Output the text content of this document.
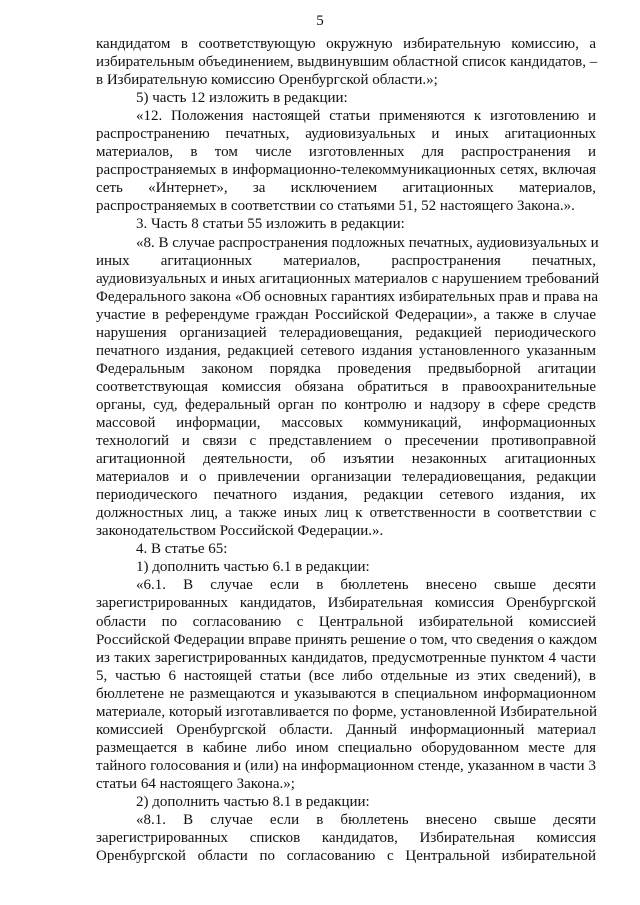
5

кандидатом в соответствующую окружную избирательную комиссию, а

избирательным объединением, выдвинувшим областной список кандидатов, –

в Избирательную комиссию Оренбургской области.»;

5) часть 12 изложить в редакции:

«12. Положения настоящей статьи применяются к изготовлению и

распространению печатных, аудиовизуальных и иных агитационных

материалов, в том числе изготовленных для распространения и

распространяемых в информационно-телекоммуникационных сетях, включая

сеть «Интернет», за исключением агитационных материалов,

распространяемых в соответствии со статьями 51, 52 настоящего Закона.».

3. Часть 8 статьи 55 изложить в редакции:

«8. В случае распространения подложных печатных, аудиовизуальных и

иных агитационных материалов, распространения печатных,

аудиовизуальных и иных агитационных материалов с нарушением требований

Федерального закона «Об основных гарантиях избирательных прав и права на

участие в референдуме граждан Российской Федерации», а также в случае

нарушения организацией телерадиовещания, редакцией периодического

печатного издания, редакцией сетевого издания установленного указанным

Федеральным законом порядка проведения предвыборной агитации

соответствующая комиссия обязана обратиться в правоохранительные

органы, суд, федеральный орган по контролю и надзору в сфере средств

массовой информации, массовых коммуникаций, информационных

технологий и связи с представлением о пресечении противоправной

агитационной деятельности, об изъятии незаконных агитационных

материалов и о привлечении организации телерадиовещания, редакции

периодического печатного издания, редакции сетевого издания, их

должностных лиц, а также иных лиц к ответственности в соответствии с

законодательством Российской Федерации.».

4. В статье 65:

1) дополнить частью 6.1 в редакции:

«6.1. В случае если в бюллетень внесено свыше десяти

зарегистрированных кандидатов, Избирательная комиссия Оренбургской

области по согласованию с Центральной избирательной комиссией

Российской Федерации вправе принять решение о том, что сведения о каждом

из таких зарегистрированных кандидатов, предусмотренные пунктом 4 части

5, частью 6 настоящей статьи (все либо отдельные из этих сведений), в

бюллетене не размещаются и указываются в специальном информационном

материале, который изготавливается по форме, установленной Избирательной

комиссией Оренбургской области. Данный информационный материал

размещается в кабине либо ином специально оборудованном месте для

тайного голосования и (или) на информационном стенде, указанном в части 3

статьи 64 настоящего Закона.»;

2) дополнить частью 8.1 в редакции:

«8.1. В случае если в бюллетень внесено свыше десяти

зарегистрированных списков кандидатов, Избирательная комиссия

Оренбургской области по согласованию с Центральной избирательной
